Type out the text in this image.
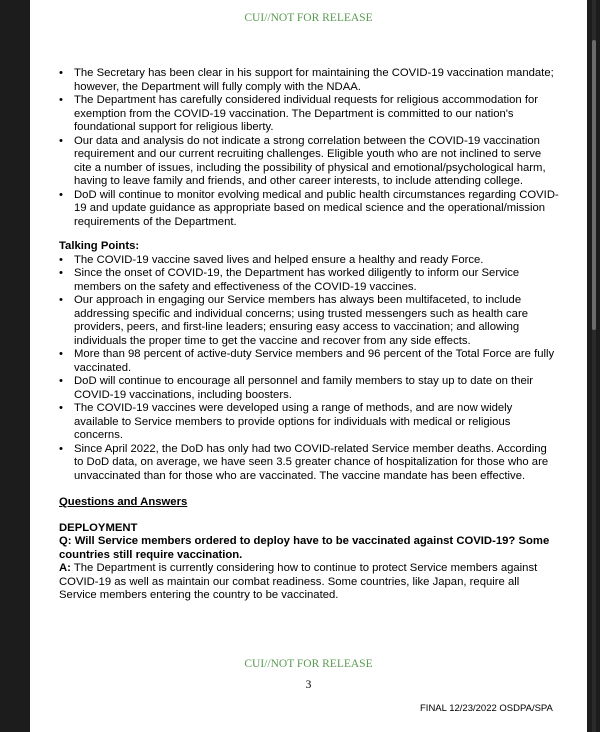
CUI//NOT FOR RELEASE
• The Secretary has been clear in his support for maintaining the COVID-19 vaccination mandate; however, the Department will fully comply with the NDAA.
• The Department has carefully considered individual requests for religious accommodation for exemption from the COVID-19 vaccination. The Department is committed to our nation's foundational support for religious liberty.
• Our data and analysis do not indicate a strong correlation between the COVID-19 vaccination requirement and our current recruiting challenges. Eligible youth who are not inclined to serve cite a number of issues, including the possibility of physical and emotional/psychological harm, having to leave family and friends, and other career interests, to include attending college.
• DoD will continue to monitor evolving medical and public health circumstances regarding COVID-19 and update guidance as appropriate based on medical science and the operational/mission requirements of the Department.
Talking Points:
• The COVID-19 vaccine saved lives and helped ensure a healthy and ready Force.
• Since the onset of COVID-19, the Department has worked diligently to inform our Service members on the safety and effectiveness of the COVID-19 vaccines.
• Our approach in engaging our Service members has always been multifaceted, to include addressing specific and individual concerns; using trusted messengers such as health care providers, peers, and first-line leaders; ensuring easy access to vaccination; and allowing individuals the proper time to get the vaccine and recover from any side effects.
• More than 98 percent of active-duty Service members and 96 percent of the Total Force are fully vaccinated.
• DoD will continue to encourage all personnel and family members to stay up to date on their COVID-19 vaccinations, including boosters.
• The COVID-19 vaccines were developed using a range of methods, and are now widely available to Service members to provide options for individuals with medical or religious concerns.
• Since April 2022, the DoD has only had two COVID-related Service member deaths. According to DoD data, on average, we have seen 3.5 greater chance of hospitalization for those who are unvaccinated than for those who are vaccinated. The vaccine mandate has been effective.
Questions and Answers
DEPLOYMENT
Q: Will Service members ordered to deploy have to be vaccinated against COVID-19? Some countries still require vaccination.
A: The Department is currently considering how to continue to protect Service members against COVID-19 as well as maintain our combat readiness. Some countries, like Japan, require all Service members entering the country to be vaccinated.
CUI//NOT FOR RELEASE
3
FINAL 12/23/2022 OSDPA/SPA
